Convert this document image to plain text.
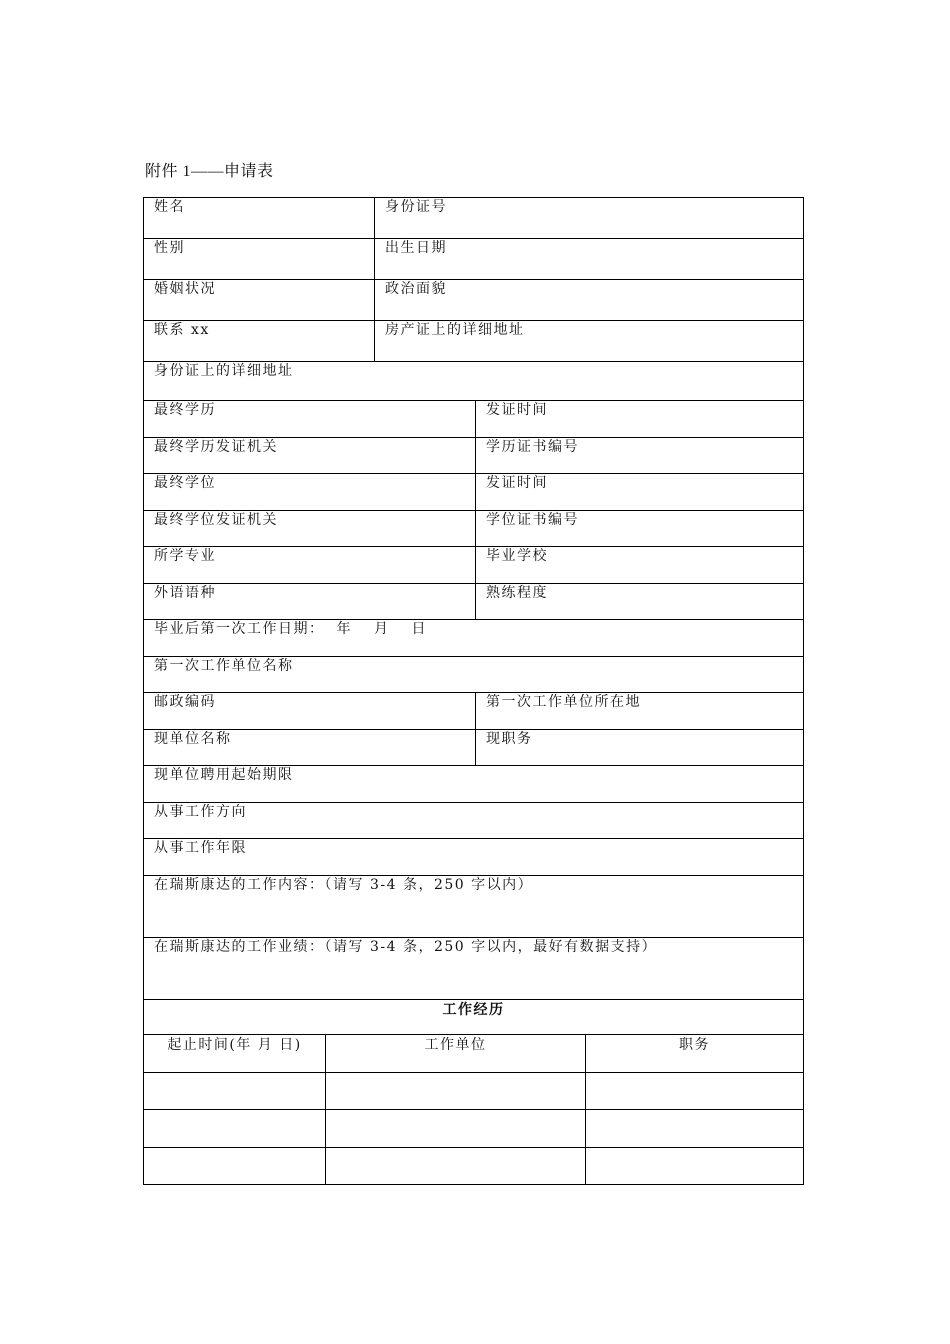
附件 1——申请表
姓名	身份证号
性别	出生日期
婚姻状况	政治面貌
联系 xx	房产证上的详细地址
身份证上的详细地址
最终学历	发证时间
最终学历发证机关	学历证书编号
最终学位	发证时间
最终学位发证机关	学位证书编号
所学专业	毕业学校
外语语种	熟练程度
毕业后第一次工作日期： 年 月 日
第一次工作单位名称
邮政编码	第一次工作单位所在地
现单位名称	现职务
现单位聘用起始期限
从事工作方向
从事工作年限
在瑞斯康达的工作内容：（请写 3-4 条，250 字以内）
在瑞斯康达的工作业绩：（请写 3-4 条，250 字以内，最好有数据支持）
工作经历
起止时间(年 月 日)	工作单位	职务
